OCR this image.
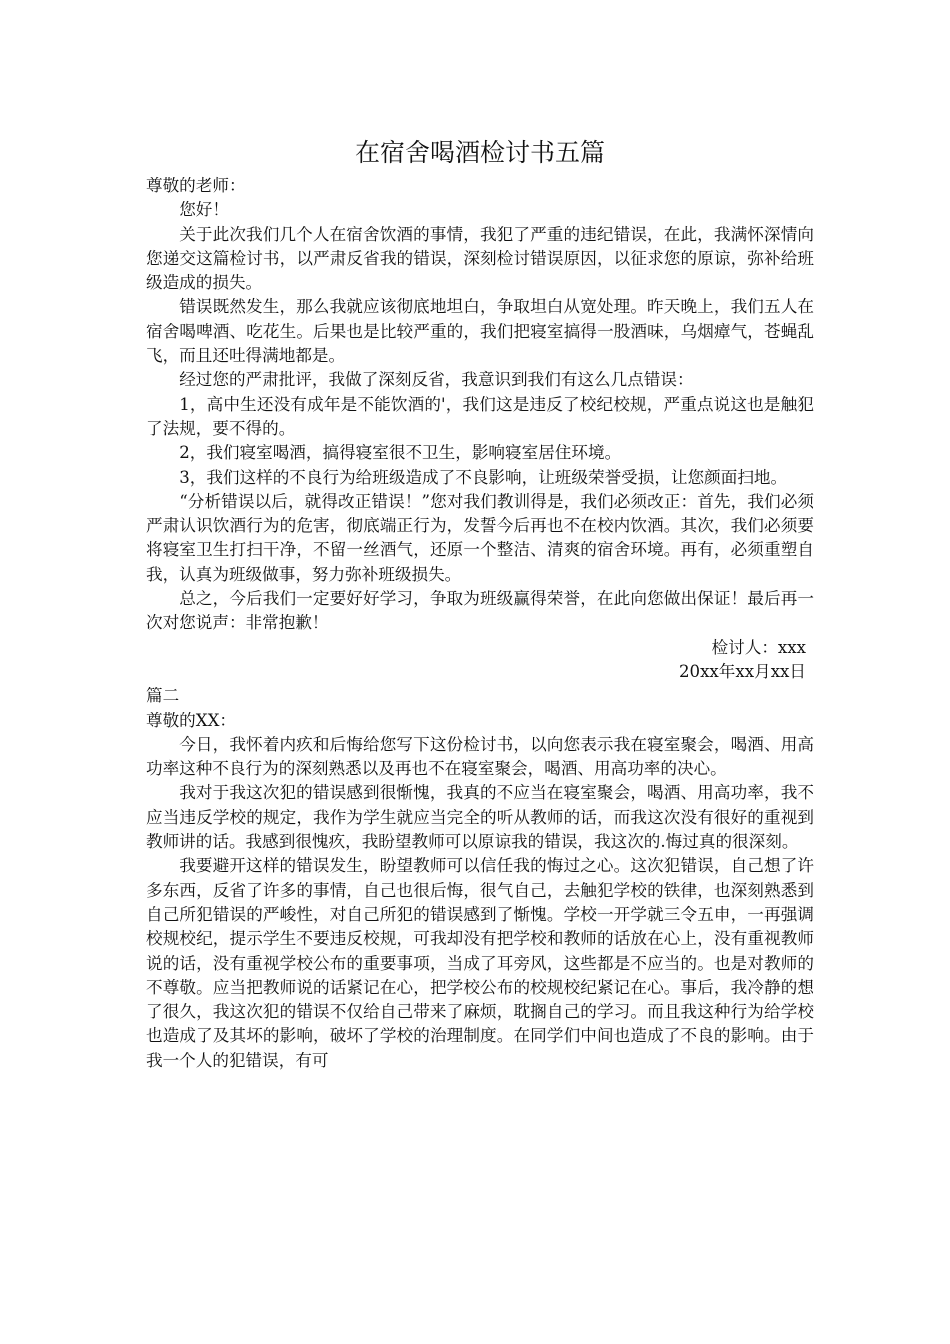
在宿舍喝酒检讨书五篇
尊敬的老师：

您好！

关于此次我们几个人在宿舍饮酒的事情，我犯了严重的违纪错误，在此，我满怀深情向您递交这篇检讨书，以严肃反省我的错误，深刻检讨错误原因，以征求您的原谅，弥补给班级造成的损失。

错误既然发生，那么我就应该彻底地坦白，争取坦白从宽处理。昨天晚上，我们五人在宿舍喝啤酒、吃花生。后果也是比较严重的，我们把寝室搞得一股酒味，乌烟瘴气，苍蝇乱飞，而且还吐得满地都是。

经过您的严肃批评，我做了深刻反省，我意识到我们有这么几点错误：

1，高中生还没有成年是不能饮酒的'，我们这是违反了校纪校规，严重点说这也是触犯了法规，要不得的。

2，我们寝室喝酒，搞得寝室很不卫生，影响寝室居住环境。

3，我们这样的不良行为给班级造成了不良影响，让班级荣誉受损，让您颜面扫地。

“分析错误以后，就得改正错误！”您对我们教训得是，我们必须改正：首先，我们必须严肃认识饮酒行为的危害，彻底端正行为，发誓今后再也不在校内饮酒。其次，我们必须要将寝室卫生打扫干净，不留一丝酒气，还原一个整洁、清爽的宿舍环境。再有，必须重塑自我，认真为班级做事，努力弥补班级损失。

总之，今后我们一定要好好学习，争取为班级赢得荣誉，在此向您做出保证！最后再一次对您说声：非常抱歉！

检讨人：xxx
20xx年xx月xx日
篇二
尊敬的XX：

今日，我怀着内疚和后悔给您写下这份检讨书，以向您表示我在寝室聚会，喝酒、用高功率这种不良行为的深刻熟悉以及再也不在寝室聚会，喝酒、用高功率的决心。

我对于我这次犯的错误感到很惭愧，我真的不应当在寝室聚会，喝酒、用高功率，我不应当违反学校的规定，我作为学生就应当完全的听从教师的话，而我这次没有很好的重视到教师讲的话。我感到很愧疚，我盼望教师可以原谅我的错误，我这次的.悔过真的很深刻。

我要避开这样的错误发生，盼望教师可以信任我的悔过之心。这次犯错误，自己想了许多东西，反省了许多的事情，自己也很后悔，很气自己，去触犯学校的铁律，也深刻熟悉到自己所犯错误的严峻性，对自己所犯的错误感到了惭愧。学校一开学就三令五申，一再强调校规校纪，提示学生不要违反校规，可我却没有把学校和教师的话放在心上，没有重视教师说的话，没有重视学校公布的重要事项，当成了耳旁风，这些都是不应当的。也是对教师的不尊敬。应当把教师说的话紧记在心，把学校公布的校规校纪紧记在心。事后，我冷静的想了很久，我这次犯的错误不仅给自己带来了麻烦，耽搁自己的学习。而且我这种行为给学校也造成了及其坏的影响，破坏了学校的治理制度。在同学们中间也造成了不良的影响。由于我一个人的犯错误，有可
